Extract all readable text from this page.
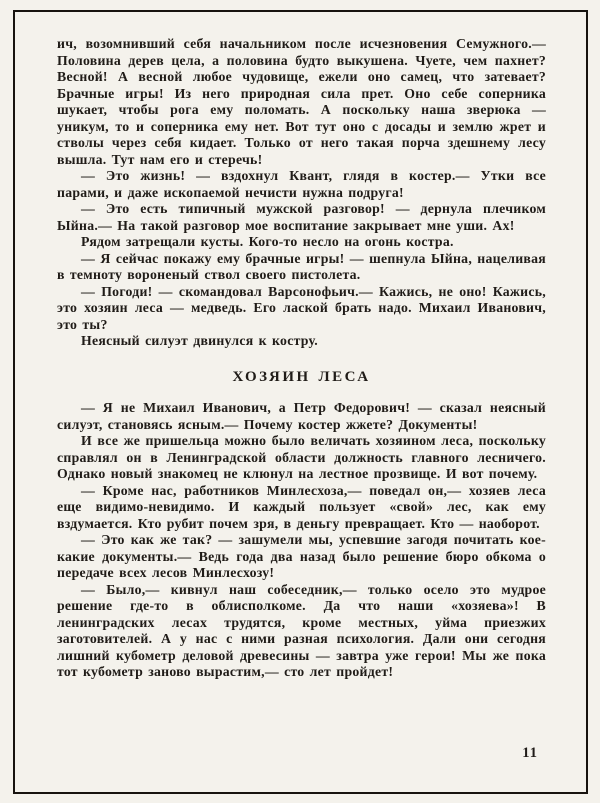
ич, возомнивший себя начальником после исчезновения Семужного.— Половина дерев цела, а половина будто выкушена. Чуете, чем пахнет? Весной! А весной любое чудовище, ежели оно самец, что затевает? Брачные игры! Из него природная сила прет. Оно себе соперника шукает, чтобы рога ему поломать. А поскольку наша зверюка — уникум, то и соперника ему нет. Вот тут оно с досады и землю жрет и стволы через себя кидает. Только от него такая порча здешнему лесу вышла. Тут нам его и стеречь!

— Это жизнь! — вздохнул Квант, глядя в костер.— Утки все парами, и даже ископаемой нечисти нужна подруга!

— Это есть типичный мужской разговор! — дернула плечиком Ыйна.— На такой разговор мое воспитание закрывает мне уши. Ах!

Рядом затрещали кусты. Кого-то несло на огонь костра.

— Я сейчас покажу ему брачные игры! — шепнула Ыйна, нацеливая в темноту вороненый ствол своего пистолета.

— Погоди! — скомандовал Варсонофьич.— Кажись, не оно! Кажись, это хозяин леса — медведь. Его лаской брать надо. Михаил Иванович, это ты?

Неясный силуэт двинулся к костру.

ХОЗЯИН ЛЕСА

— Я не Михаил Иванович, а Петр Федорович! — сказал неясный силуэт, становясь ясным.— Почему костер жжете? Документы!

И все же пришельца можно было величать хозяином леса, поскольку справлял он в Ленинградской области должность главного лесничего. Однако новый знакомец не клюнул на лестное прозвище. И вот почему.

— Кроме нас, работников Минлесхоза,— поведал он,— хозяев леса еще видимо-невидимо. И каждый пользует «свой» лес, как ему вздумается. Кто рубит почем зря, в деньгу превращает. Кто — наоборот.

— Это как же так? — зашумели мы, успевшие загодя почитать кое-какие документы.— Ведь года два назад было решение бюро обкома о передаче всех лесов Минлесхозу!

— Было,— кивнул наш собеседник,— только осело это мудрое решение где-то в облисполкоме. Да что наши «хозяева»! В ленинградских лесах трудятся, кроме местных, уйма приезжих заготовителей. А у нас с ними разная психология. Дали они сегодня лишний кубометр деловой древесины — завтра уже герои! Мы же пока тот кубометр заново вырастим,— сто лет пройдет!

11
